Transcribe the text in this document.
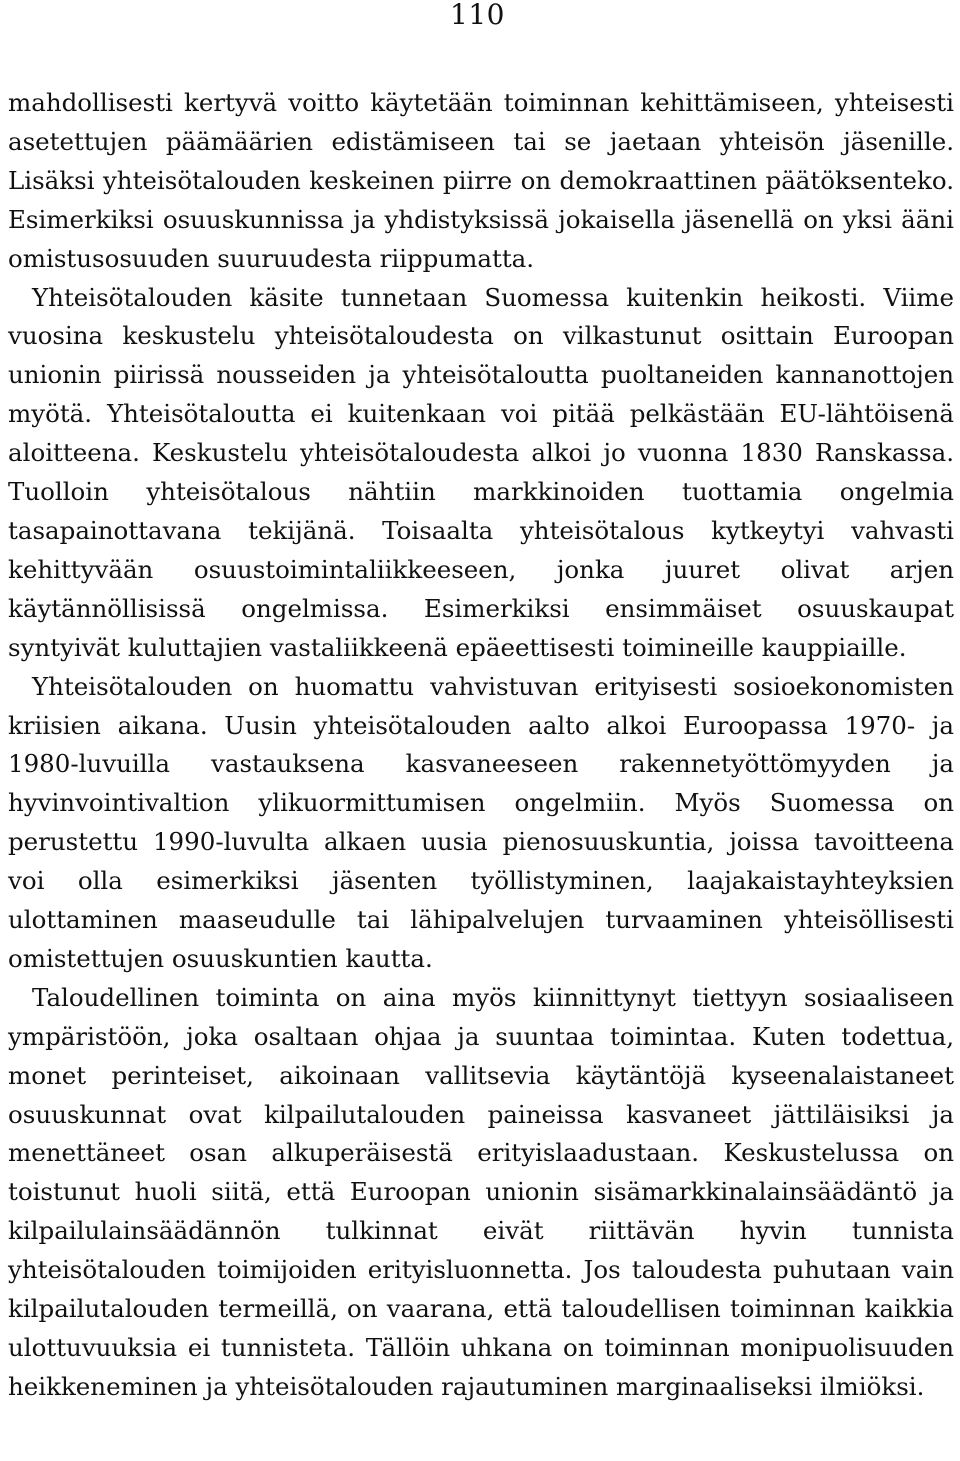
110

mahdollisesti kertyvä voitto käytetään toiminnan kehittämiseen, yhteisesti asetettujen päämäärien edistämiseen tai se jaetaan yhteisön jäsenille. Lisäksi yhteisötalouden keskeinen piirre on demokraattinen päätöksenteko. Esimerkiksi osuuskunnissa ja yhdistyksissä jokaisella jäsenellä on yksi ääni omistusosuuden suuruudesta riippumatta.

Yhteisötalouden käsite tunnetaan Suomessa kuitenkin heikosti. Viime vuosina keskustelu yhteisötaloudesta on vilkastunut osittain Euroopan unionin piirissä nousseiden ja yhteisötaloutta puoltaneiden kannanottojen myötä. Yhteisötaloutta ei kuitenkaan voi pitää pelkästään EU-lähtöisenä aloitteena. Keskustelu yhteisötaloudesta alkoi jo vuonna 1830 Ranskassa. Tuolloin yhteisötalous nähtiin markkinoiden tuottamia ongelmia tasapainottavana tekijänä. Toisaalta yhteisötalous kytkeytyi vahvasti kehittyvään osuustoimintaliikkeeseen, jonka juuret olivat arjen käytännöllisissä ongelmissa. Esimerkiksi ensimmäiset osuuskaupat syntyivät kuluttajien vastaliikkeenä epäeettisesti toimineille kauppiaille.

Yhteisötalouden on huomattu vahvistuvan erityisesti sosioekonomisten kriisien aikana. Uusin yhteisötalouden aalto alkoi Euroopassa 1970- ja 1980-luvuilla vastauksena kasvaneeseen rakennetyöttömyyden ja hyvinvointivaltion ylikuormittumisen ongelmiin. Myös Suomessa on perustettu 1990-luvulta alkaen uusia pienosuuskuntia, joissa tavoitteena voi olla esimerkiksi jäsenten työllistyminen, laajakaistayhteyksien ulottaminen maaseudulle tai lähipalvelujen turvaaminen yhteisöllisesti omistettujen osuuskuntien kautta.

Taloudellinen toiminta on aina myös kiinnittynyt tiettyyn sosiaaliseen ympäristöön, joka osaltaan ohjaa ja suuntaa toimintaa. Kuten todettua, monet perinteiset, aikoinaan vallitsevia käytäntöjä kyseenalaistaneet osuuskunnat ovat kilpailutalouden paineissa kasvaneet jättiläisiksi ja menettäneet osan alkuperäisestä erityislaadustaan. Keskustelussa on toistunut huoli siitä, että Euroopan unionin sisämarkkinalainsäädäntö ja kilpailulainsäädännön tulkinnat eivät riittävän hyvin tunnista yhteisötalouden toimijoiden erityisluonnetta. Jos taloudesta puhutaan vain kilpailutalouden termeillä, on vaarana, että taloudellisen toiminnan kaikkia ulottuvuuksia ei tunnisteta. Tällöin uhkana on toiminnan monipuolisuuden heikkeneminen ja yhteisötalouden rajautuminen marginaaliseksi ilmiöksi.
